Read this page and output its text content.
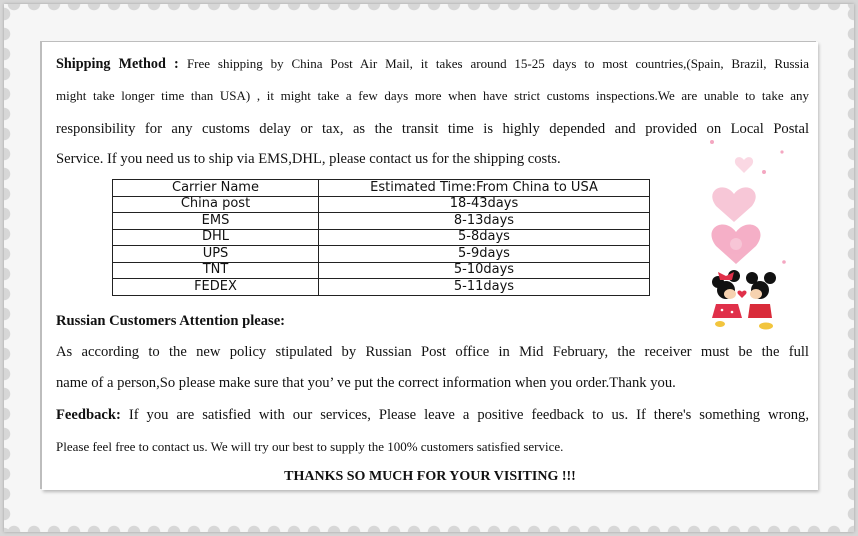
Shipping Method : Free shipping by China Post Air Mail, it takes around 15-25 days to most countries,(Spain, Brazil, Russia
might take longer time than USA) , it might take a few days more when have strict customs inspections.We are unable to take any
responsibility for any customs delay or tax, as the transit time is highly depended and provided on Local Postal
Service. If you need us to ship via EMS,DHL, please contact us for the shipping costs.
Carrier Name	Estimated Time:From China to USA
China post	18-43days
EMS	8-13days
DHL	5-8days
UPS	5-9days
TNT	5-10days
FEDEX	5-11days
Russian Customers Attention please:
As according to the new policy stipulated by Russian Post office in Mid February, the receiver must be the full
name of a person,So please make sure that you’ ve put the correct information when you order.Thank you.
Feedback: If you are satisfied with our services, Please leave a positive feedback to us. If there's something wrong,
Please feel free to contact us. We will try our best to supply the 100% customers satisfied service.
THANKS SO MUCH FOR YOUR VISITING !!!
